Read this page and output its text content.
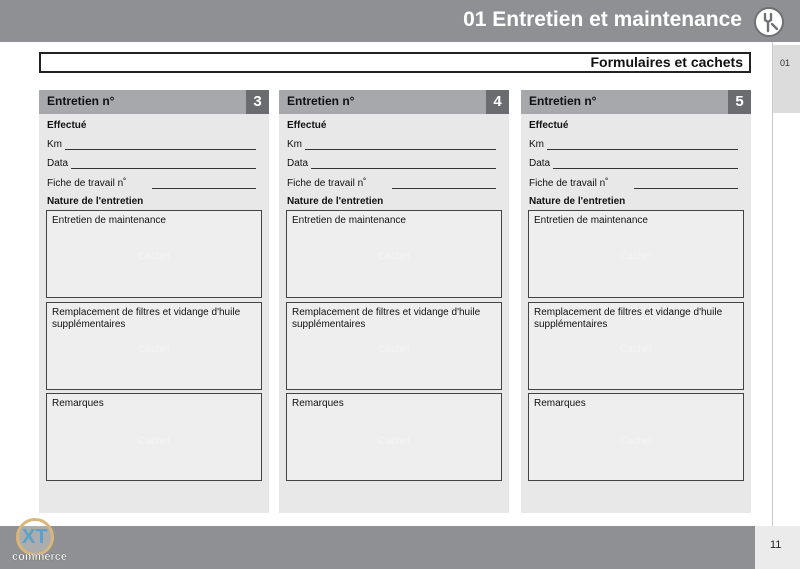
01 Entretien et maintenance
01
Formulaires et cachets
Entretien n°	3
Effectué
Km
Data
Fiche de travail n˚
Nature de l'entretien
Entretien de maintenance
Cachet
Remplacement de filtres et vidange d'huile supplémentaires
Cachet
Remarques
Cachet
Entretien n°	4
Effectué
Km
Data
Fiche de travail n˚
Nature de l'entretien
Entretien de maintenance
Cachet
Remplacement de filtres et vidange d'huile supplémentaires
Cachet
Remarques
Cachet
Entretien n°	5
Effectué
Km
Data
Fiche de travail n˚
Nature de l'entretien
Entretien de maintenance
Cachet
Remplacement de filtres et vidange d'huile supplémentaires
Cachet
Remarques
Cachet
11
XT
commerce
